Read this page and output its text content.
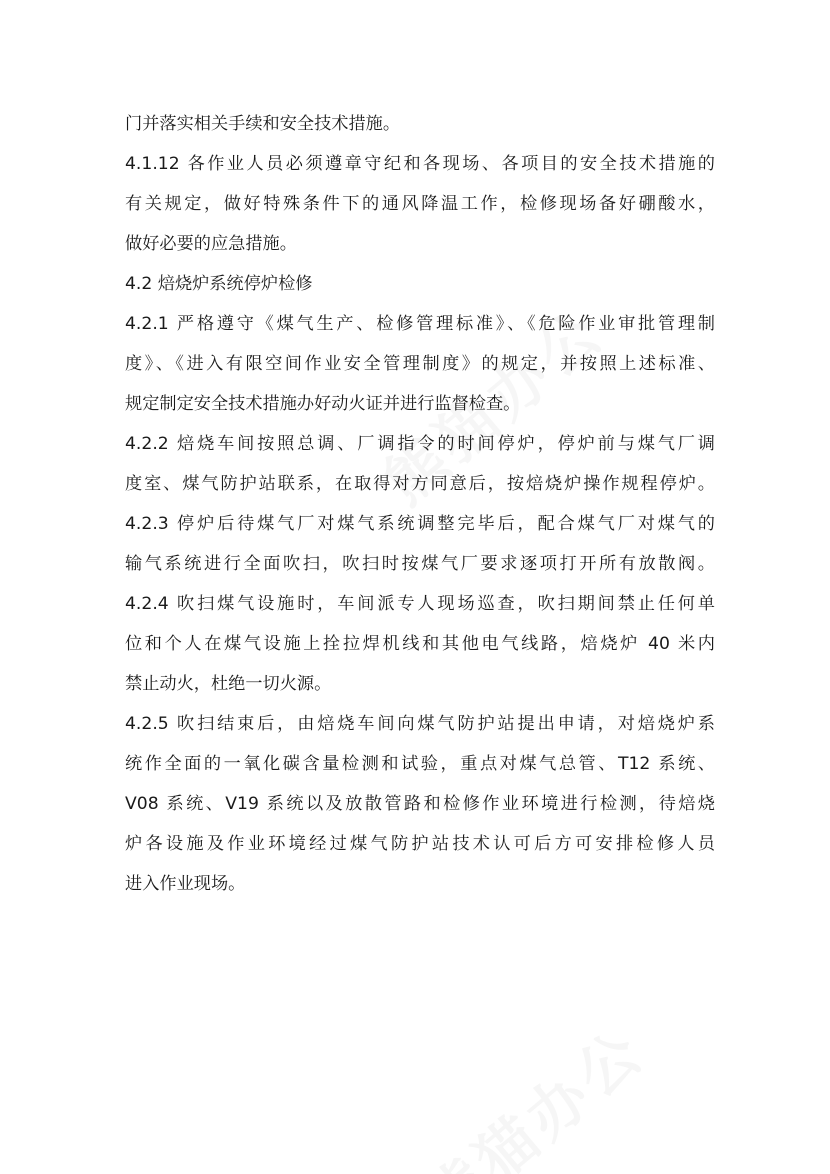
门并落实相关手续和安全技术措施。
4.1.12 各作业人员必须遵章守纪和各现场、各项目的安全技术措施的
有关规定，做好特殊条件下的通风降温工作，检修现场备好硼酸水，
做好必要的应急措施。
4.2 焙烧炉系统停炉检修
4.2.1 严格遵守《煤气生产、检修管理标准》、《危险作业审批管理制
度》、《进入有限空间作业安全管理制度》的规定，并按照上述标准、
规定制定安全技术措施办好动火证并进行监督检查。
4.2.2 焙烧车间按照总调、厂调指令的时间停炉，停炉前与煤气厂调
度室、煤气防护站联系，在取得对方同意后，按焙烧炉操作规程停炉。
4.2.3 停炉后待煤气厂对煤气系统调整完毕后，配合煤气厂对煤气的
输气系统进行全面吹扫，吹扫时按煤气厂要求逐项打开所有放散阀。
4.2.4 吹扫煤气设施时，车间派专人现场巡查，吹扫期间禁止任何单
位和个人在煤气设施上拴拉焊机线和其他电气线路，焙烧炉 40 米内
禁止动火，杜绝一切火源。
4.2.5 吹扫结束后，由焙烧车间向煤气防护站提出申请，对焙烧炉系
统作全面的一氧化碳含量检测和试验，重点对煤气总管、T12 系统、
V08 系统、V19 系统以及放散管路和检修作业环境进行检测，待焙烧
炉各设施及作业环境经过煤气防护站技术认可后方可安排检修人员
进入作业现场。
